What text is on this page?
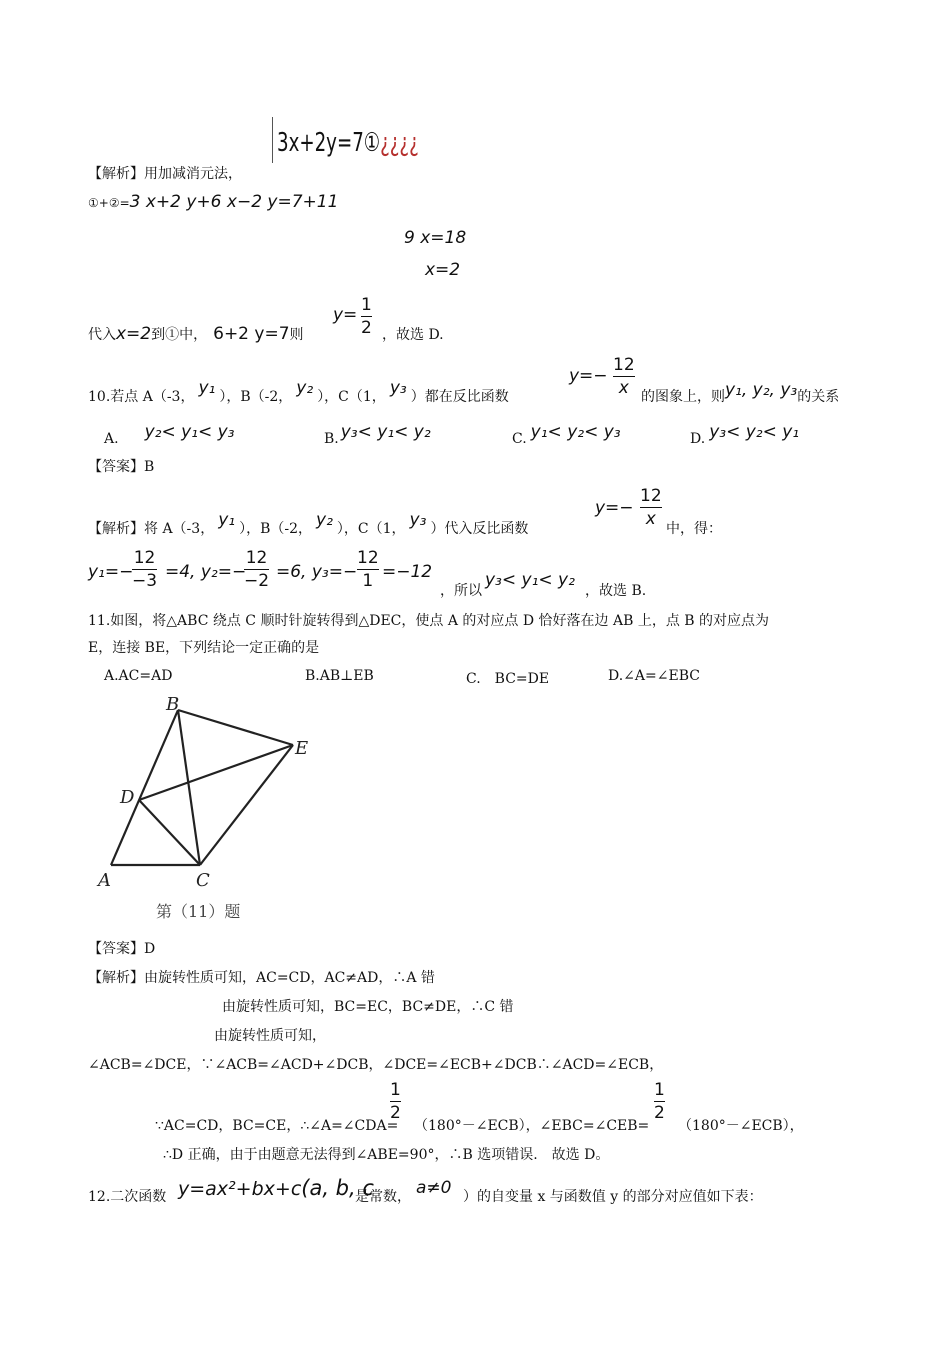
【解析】用加减消元法，
3x+2y=7①¿¿¿¿
①+②=3 x+2 y+6 x−2 y=7+11
9 x=18
x=2
代入x=2到①中， 6+2 y=7则
y= 1
2 ，故选 D.
10.若点 A（-3， y₁ ），B（-2， y₂ ），C（1， y₃ ）都在反比函数
y=−
12
x 的图象上，则y₁, y₂, y₃的关系
A. y₂< y₁< y₃	B. y₃< y₁< y₂	C. y₁< y₂< y₃	D. y₃< y₂< y₁
【答案】B
【解析】将 A（-3， y₁ ），B（-2， y₂ ），C（1， y₃ ）代入反比函数
y=−
12
x 中，得：
y₁=−
12
−3 =4, y₂=−
12
−2 =6, y₃=−
12
1 =−12
，所以
y₃< y₁< y₂
，故选 B.
11.如图，将△ABC 绕点 C 顺时针旋转得到△DEC，使点 A 的对应点 D 恰好落在边 AB 上，点 B 的对应点为
E，连接 BE，下列结论一定正确的是
A.AC=AD	B.AB⊥EB	C.　BC=DE	D.∠A=∠EBC
B
E
D
A	C
第（11）题
【答案】D
【解析】由旋转性质可知，AC=CD，AC≠AD，∴A 错
由旋转性质可知，BC=EC，BC≠DE，∴C 错
由旋转性质可知，
∠ACB=∠DCE，∵∠ACB=∠ACD+∠DCB，∠DCE=∠ECB+∠DCB∴∠ACD=∠ECB，
∵AC=CD，BC=CE，∴∠A=∠CDA=
1
2
（180°－∠ECB），∠EBC=∠CEB=
1
2
（180°－∠ECB），
∴D 正确，由于由题意无法得到∠ABE=90°，∴B 选项错误.　故选 D。
12.二次函数 y=ax²+bx+c(a, b, c
是常数， a≠0 ）的自变量 x 与函数值 y 的部分对应值如下表：
